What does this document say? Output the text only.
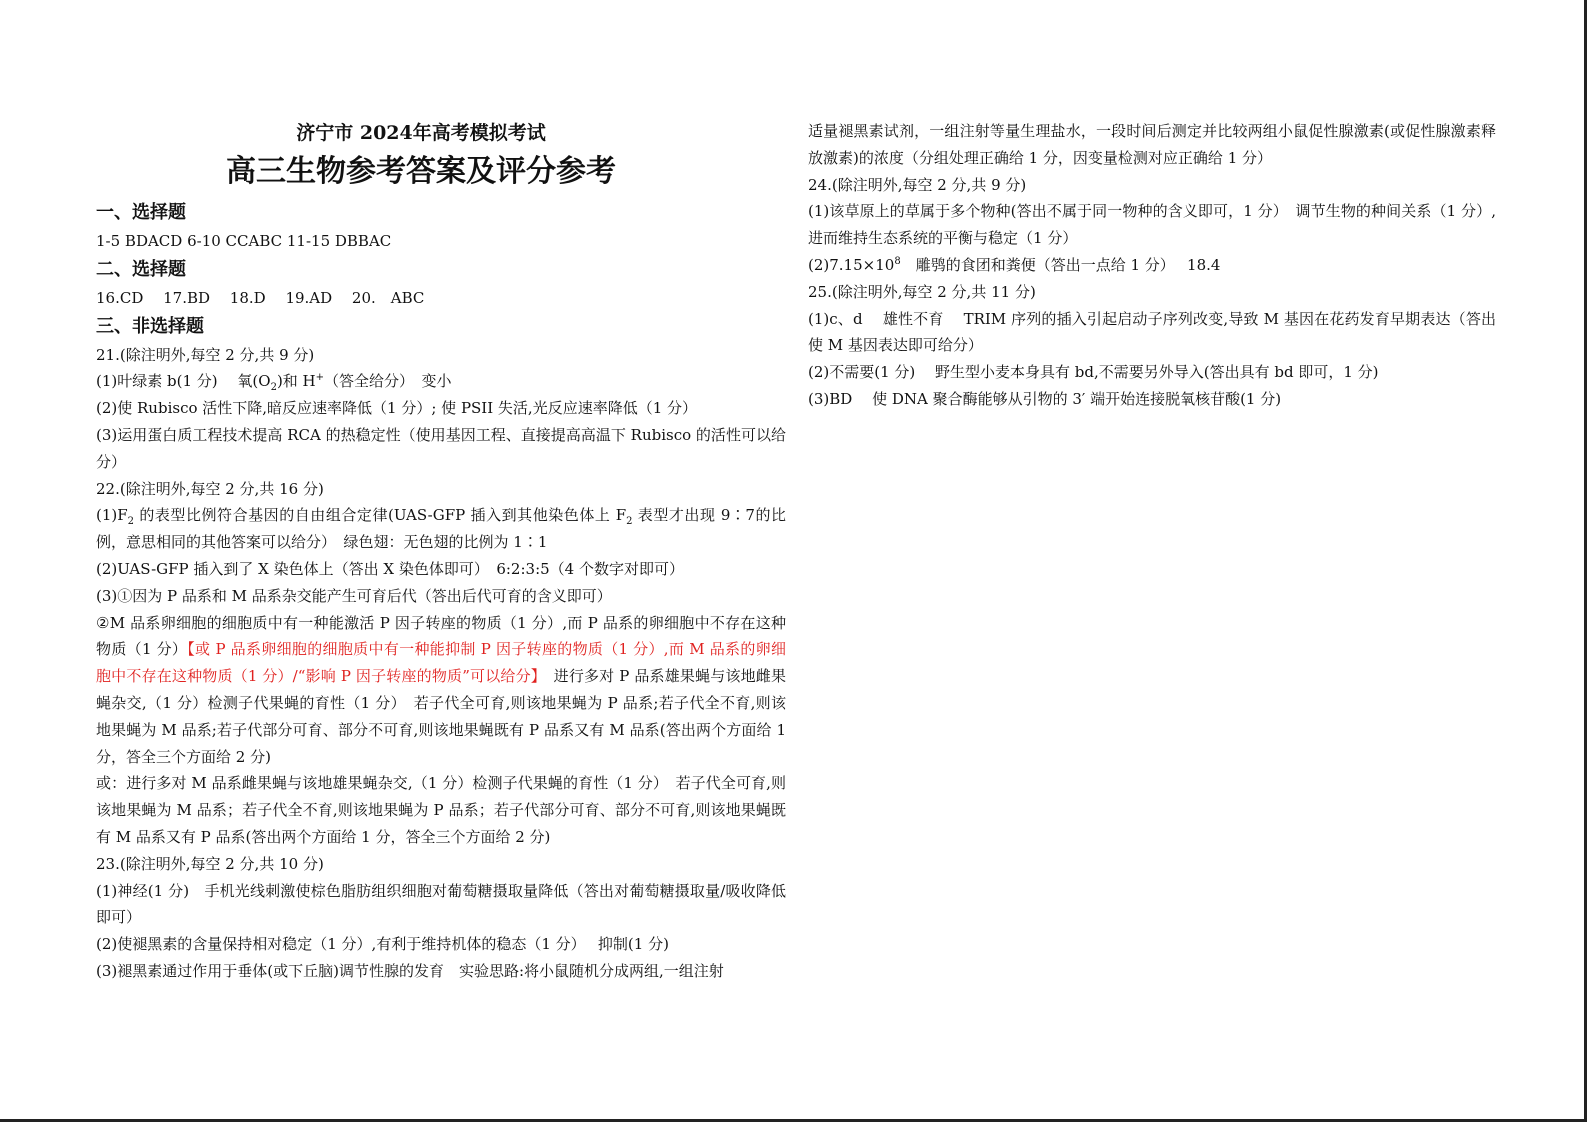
济宁市 2024年高考模拟考试
高三生物参考答案及评分参考
一、选择题

1-5 BDACD 6-10 CCABC 11-15 DBBAC

二、选择题

16.CD　 17.BD　 18.D　 19.AD　 20.　ABC

三、非选择题

21.(除注明外,每空 2 分,共 9 分)

(1)叶绿素 b(1 分)　 氧$(O_2)$和 H+（答全给分）　变小

(2)使 Rubisco 活性下降,暗反应速率降低（1 分）; 使 PSII 失活,光反应速率降低（1 分）

(3)运用蛋白质工程技术提高 RCA 的热稳定性（使用基因工程、直接提高高温下 Rubisco 的活性可以给分）

22.(除注明外,每空 2 分,共 16 分)

$(1)F_2$ 的表型比例符合基因的自由组合定律(UAS-GFP 插入到其他染色体上 $F_2$ 表型才出现 9∶7的比例，意思相同的其他答案可以给分）　绿色翅：无色翅的比例为 1∶1

(2)UAS-GFP 插入到了 X 染色体上（答出 X 染色体即可）　6:2:3:5（4 个数字对即可）

(3)①因为 P 品系和 M 品系杂交能产生可育后代（答出后代可育的含义即可）

②M 品系卵细胞的细胞质中有一种能激活 P 因子转座的物质（1 分）,而 P 品系的卵细胞中不存在这种物质（1 分）【或 P 品系卵细胞的细胞质中有一种能抑制 P 因子转座的物质（1 分）,而 M 品系的卵细胞中不存在这种物质（1 分）/“影响 P 因子转座的物质”可以给分】　进行多对 P 品系雄果蝇与该地雌果蝇杂交,（1 分）检测子代果蝇的育性（1 分）　若子代全可育,则该地果蝇为 P 品系;若子代全不育,则该地果蝇为 M 品系;若子代部分可育、部分不可育,则该地果蝇既有 P 品系又有 M 品系(答出两个方面给 1 分，答全三个方面给 2 分)

或：进行多对 M 品系雌果蝇与该地雄果蝇杂交,（1 分）检测子代果蝇的育性（1 分）　若子代全可育,则该地果蝇为 M 品系；若子代全不育,则该地果蝇为 P 品系；若子代部分可育、部分不可育,则该地果蝇既有 M 品系又有 P 品系(答出两个方面给 1 分，答全三个方面给 2 分)

23.(除注明外,每空 2 分,共 10 分)

(1)神经(1 分)　手机光线刺激使棕色脂肪组织细胞对葡萄糖摄取量降低（答出对葡萄糖摄取量/吸收降低即可）

(2)使褪黑素的含量保持相对稳定（1 分）,有利于维持机体的稳态（1 分）　 抑制(1 分)

(3)褪黑素通过作用于垂体(或下丘脑)调节性腺的发育　实验思路:将小鼠随机分成两组,一组注射

适量褪黑素试剂，一组注射等量生理盐水，一段时间后测定并比较两组小鼠促性腺激素(或促性腺激素释放激素)的浓度（分组处理正确给 1 分，因变量检测对应正确给 1 分）

24.(除注明外,每空 2 分,共 9 分)

(1)该草原上的草属于多个物种(答出不属于同一物种的含义即可，1 分）　调节生物的种间关系（1 分）,进而维持生态系统的平衡与稳定（1 分）

$(2)7.15\times 10^8$　雕鸮的食团和粪便（答出一点给 1 分）　 18.4

25.(除注明外,每空 2 分,共 11 分)

(1)c、d　 雄性不育　 TRIM 序列的插入引起启动子序列改变,导致 M 基因在花药发育早期表达（答出使 M 基因表达即可给分）

(2)不需要(1 分)　 野生型小麦本身具有 bd,不需要另外导入(答出具有 bd 即可，1 分)

(3)BD　 使 DNA 聚合酶能够从引物的 3′ 端开始连接脱氧核苷酸(1 分)
